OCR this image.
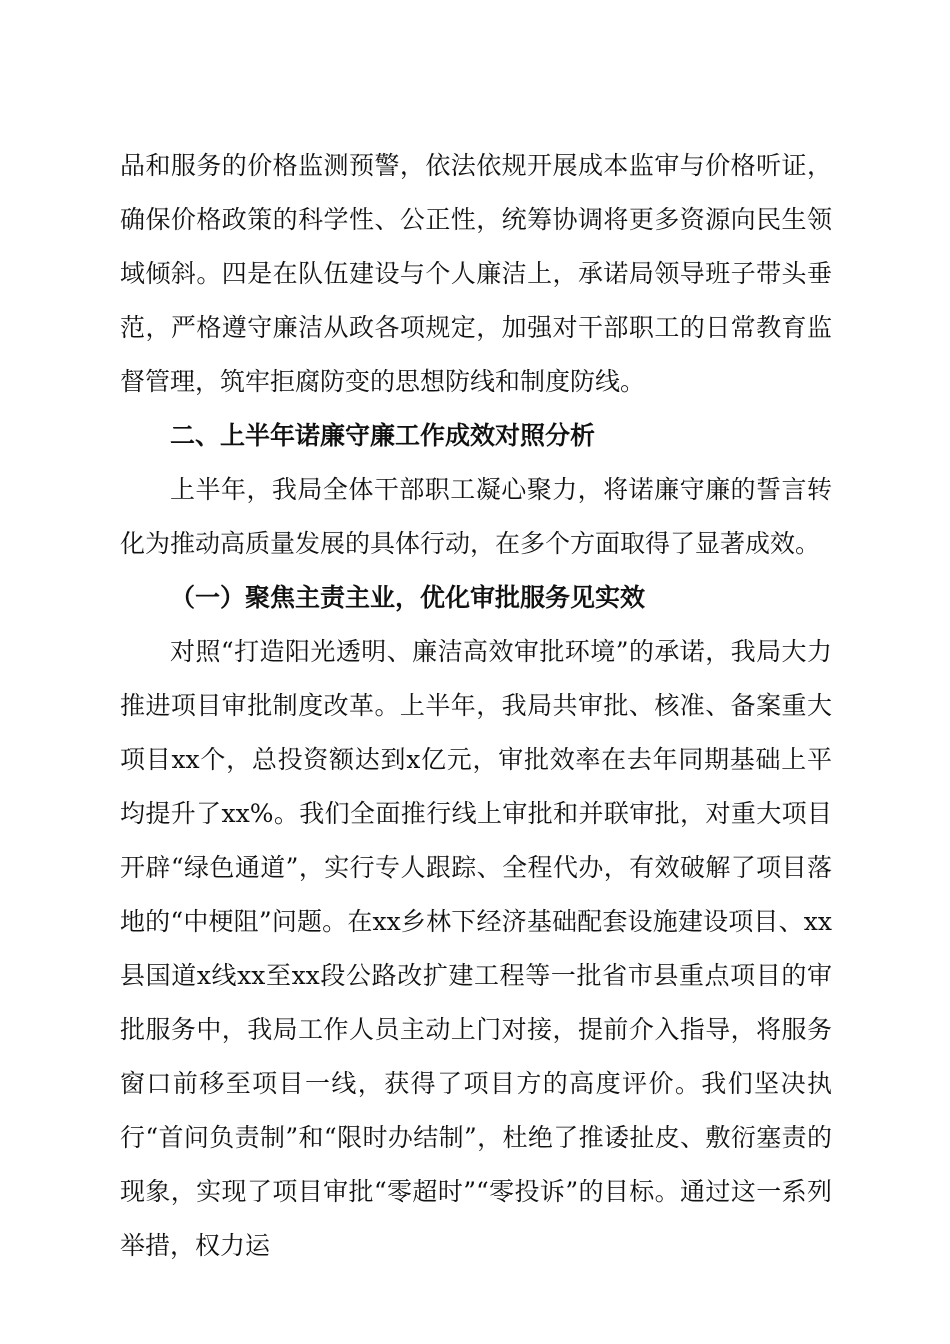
品和服务的价格监测预警，依法依规开展成本监审与价格听证，确保价格政策的科学性、公正性，统筹协调将更多资源向民生领域倾斜。四是在队伍建设与个人廉洁上，承诺局领导班子带头垂范，严格遵守廉洁从政各项规定，加强对干部职工的日常教育监督管理，筑牢拒腐防变的思想防线和制度防线。

二、上半年诺廉守廉工作成效对照分析

上半年，我局全体干部职工凝心聚力，将诺廉守廉的誓言转化为推动高质量发展的具体行动，在多个方面取得了显著成效。

（一）聚焦主责主业，优化审批服务见实效

对照“打造阳光透明、廉洁高效审批环境”的承诺，我局大力推进项目审批制度改革。上半年，我局共审批、核准、备案重大项目xx个，总投资额达到x亿元，审批效率在去年同期基础上平均提升了xx%。我们全面推行线上审批和并联审批，对重大项目开辟“绿色通道”，实行专人跟踪、全程代办，有效破解了项目落地的“中梗阻”问题。在xx乡林下经济基础配套设施建设项目、xx县国道x线xx至xx段公路改扩建工程等一批省市县重点项目的审批服务中，我局工作人员主动上门对接，提前介入指导，将服务窗口前移至项目一线，获得了项目方的高度评价。我们坚决执行“首问负责制”和“限时办结制”，杜绝了推诿扯皮、敷衍塞责的现象，实现了项目审批“零超时”“零投诉”的目标。通过这一系列举措，权力运
